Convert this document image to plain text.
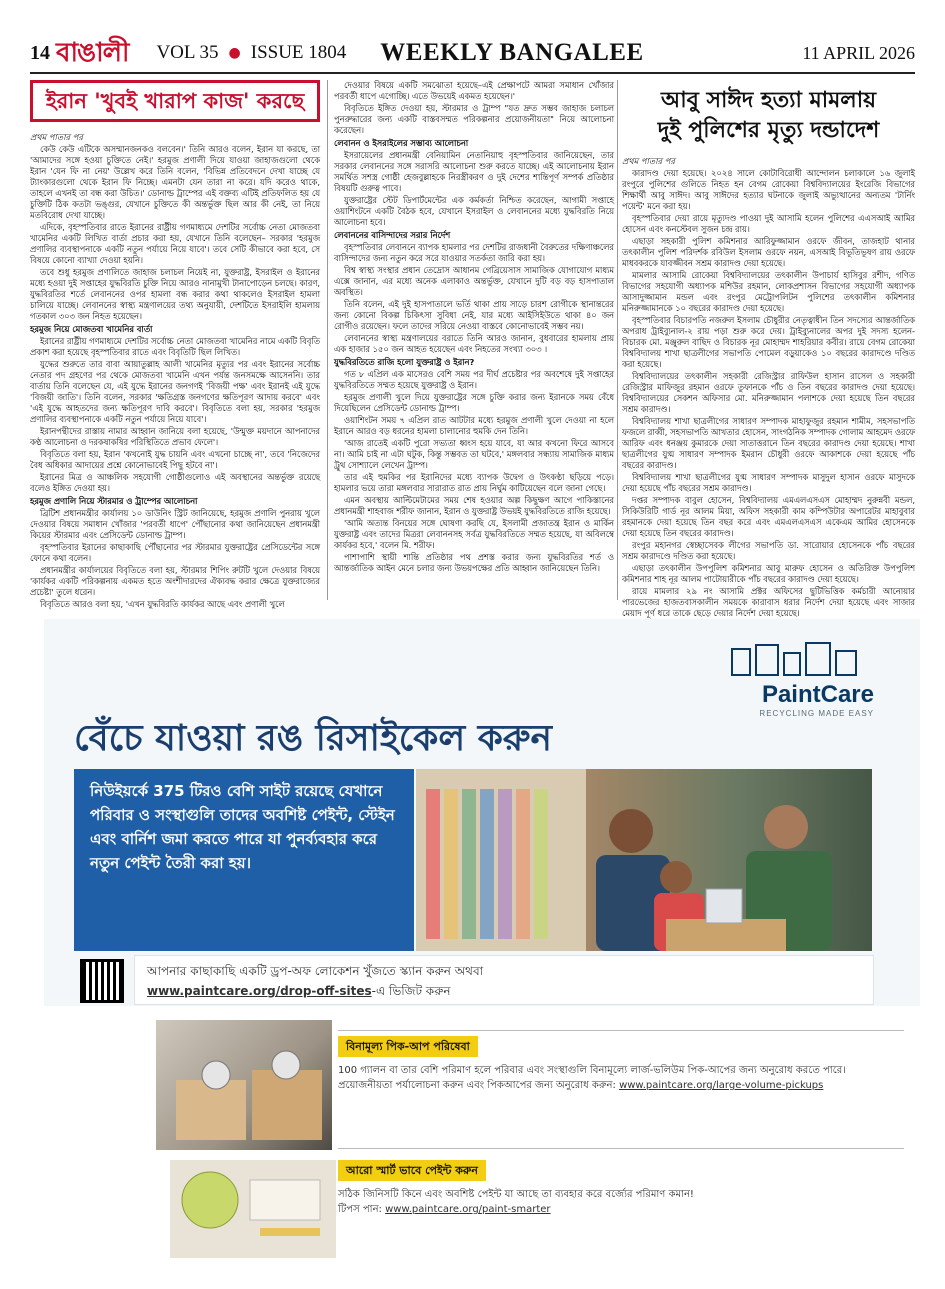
14 বাঙালী VOL 35 ● ISSUE 1804 WEEKLY BANGALEE	11 APRIL 2026
ইরান 'খুবই খারাপ কাজ' করছে

প্রথম পাতার পর

কেউ কেউ এটিকে অসম্মানজনকও বলবেন।' তিনি আরও বলেন, ইরান যা করছে, তা 'আমাদের সঙ্গে হওয়া চুক্তিতে নেই।' হরমুজ প্রণালী দিয়ে যাওয়া জাহাজগুলো থেকে ইরান 'যেন ফি না নেয়' উল্লেখ করে তিনি বলেন, 'বিভিন্ন প্রতিবেদনে দেখা যাচ্ছে যে ট্যাংকারগুলো থেকে ইরান ফি নিচ্ছে। এমনটা যেন তারা না করে। যদি করেও থাকে, তাহলে এখনই তা বন্ধ করা উচিত।' ডোনাল্ড ট্রাম্পের এই বক্তব্য এটিই প্রতিফলিত হয় যে চুক্তিটি ঠিক কতটা ভঙ্গুর, যেখানে চুক্তিতে কী অন্তর্ভুক্ত ছিল আর কী নেই, তা নিয়ে মতবিরোধ দেখা যাচ্ছে।

এদিকে, বৃহস্পতিবার রাতে ইরানের রাষ্ট্রীয় গণমাধ্যমে দেশটির সর্বোচ্চ নেতা মোজতবা খামেনির একটি লিখিত বার্তা প্রচার করা হয়, যেখানে তিনি বলেছেন– সরকার 'হরমুজ প্রণালির ব্যবস্থাপনাকে একটি নতুন পর্যায়ে নিয়ে যাবে'। তবে সেটি কীভাবে করা হবে, সে বিষয়ে কোনো ব্যাখ্যা দেওয়া হয়নি।

তবে শুধু হরমুজ প্রণালিতে জাহাজ চলাচল নিয়েই না, যুক্তরাষ্ট্র, ইসরাইল ও ইরানের মধ্যে হওয়া দুই সপ্তাহের যুদ্ধবিরতি চুক্তি নিয়ে আরও নানামুখী টানাপোড়েন চলছে। কারণ, যুদ্ধবিরতির শর্তে লেবাননের ওপর হামলা বন্ধ করার কথা থাকলেও ইসরাইল হামলা চালিয়ে যাচ্ছে। লেবাননের স্বাস্থ্য মন্ত্রণালয়ের তথ্য অনুযায়ী, দেশটিতে ইসরাইলি হামলায় গতকাল ৩০৩ জন নিহত হয়েছেন।

হরমুজ নিয়ে মোজতবা খামেনির বার্তা

ইরানের রাষ্ট্রীয় গণমাধ্যমে দেশটির সর্বোচ্চ নেতা মোজতবা খামেনির নামে একটি বিবৃতি প্রকাশ করা হয়েছে বৃহস্পতিবার রাতে এবং বিবৃতিটি ছিল লিখিত।

যুদ্ধের শুরুতে তার বাবা আয়াতুল্লাহ আলী খামেনির মৃত্যুর পর এবং ইরানের সর্বোচ্চ নেতার পদ গ্রহণের পর থেকে মোজতবা খামেনি এখন পর্যন্ত জনসমক্ষে আসেননি। তার বার্তায় তিনি বলেছেন যে, এই যুদ্ধে ইরানের জনগণই 'বিজয়ী পক্ষ' এবং ইরানই এই যুদ্ধে 'বিজয়ী জাতি'। তিনি বলেন, সরকার 'ক্ষতিগ্রস্ত জনগণের ক্ষতিপূরণ আদায় করবে' এবং 'এই যুদ্ধে আহতদের জন্য ক্ষতিপূরণ দাবি করবে'। বিবৃতিতে বলা হয়, সরকার 'হরমুজ প্রণালির ব্যবস্থাপনাকে একটি নতুন পর্যায়ে নিয়ে যাবে'।

ইরানপন্থীদের রাস্তায় নামার আহ্বান জানিয়ে বলা হয়েছে, 'উন্মুক্ত ময়দানে আপনাদের কণ্ঠ আলোচনা ও দরকষাকষির পরিস্থিতিতে প্রভাব ফেলে'।

বিবৃতিতে বলা হয়, ইরান 'কখনোই যুদ্ধ চায়নি এবং এখনো চাচ্ছে না', তবে 'নিজেদের বৈধ অধিকার আদায়ের প্রশ্নে কোনোভাবেই পিছু হটবে না'।

ইরানের মিত্র ও আঞ্চলিক সহযোগী গোষ্ঠীগুলোও এই অবস্থানের অন্তর্ভুক্ত রয়েছে বলেও ইঙ্গিত দেওয়া হয়।

হরমুজ প্রণালি নিয়ে স্টারমার ও ট্রাম্পের আলোচনা

ব্রিটিশ প্রধানমন্ত্রীর কার্যালয় ১০ ডাউনিং স্ট্রিট জানিয়েছে, হরমুজ প্রণালি পুনরায় খুলে দেওয়ার বিষয়ে সমাধান খোঁজার 'পরবর্তী ধাপে' পৌঁছানোর কথা জানিয়েছেন প্রধানমন্ত্রী কিয়ের স্টারমার এবং প্রেসিডেন্ট ডোনাল্ড ট্রাম্প।

বৃহস্পতিবার ইরানের কাছাকাছি পৌঁছানোর পর স্টারমার যুক্তরাষ্ট্রের প্রেসিডেন্টের সঙ্গে ফোনে কথা বলেন।

প্রধানমন্ত্রীর কার্যালয়ের বিবৃতিতে বলা হয়, স্টারমার শিপিং রুটটি খুলে দেওয়ার বিষয়ে 'কার্যকর একটি পরিকল্পনায় একমত হতে অংশীদারদের ঐক্যবদ্ধ করার ক্ষেত্রে যুক্তরাজ্যের প্রচেষ্টা' তুলে ধরেন।

বিবৃতিতে আরও বলা হয়, 'এখন যুদ্ধবিরতি কার্যকর আছে এবং প্রণালী খুলে

দেওয়ার বিষয়ে একটি সমঝোতা হয়েছে–এই প্রেক্ষাপটে আমরা সমাধান খোঁজার পরবর্তী ধাপে এগোচ্ছি। এতে উভয়েই একমত হয়েছেন।'

বিবৃতিতে ইঙ্গিত দেওয়া হয়, স্টারমার ও ট্রাম্প "যত দ্রুত সম্ভব জাহাজ চলাচল পুনরুদ্ধারের জন্য একটি বাস্তবসম্মত পরিকল্পনার প্রয়োজনীয়তা" নিয়ে আলোচনা করেছেন।

লেবানন ও ইসরাইলের সম্ভাব্য আলোচনা

ইসরায়েলের প্রধানমন্ত্রী বেনিয়ামিন নেতানিয়াহু বৃহস্পতিবার জানিয়েছেন, তার সরকার লেবাননের সঙ্গে সরাসরি আলোচনা শুরু করতে যাচ্ছে। এই আলোচনায় ইরান সমর্থিত সশস্ত্র গোষ্ঠী হেজবুল্লাহকে নিরস্ত্রীকরণ ও দুই দেশের শান্তিপূর্ণ সম্পর্ক প্রতিষ্ঠার বিষয়টি গুরুত্ব পাবে।

যুক্তরাষ্ট্রের স্টেট ডিপার্টমেন্টের এক কর্মকর্তা নিশ্চিত করেছেন, আগামী সপ্তাহে ওয়াশিংটনে একটি বৈঠক হবে, যেখানে ইসরাইল ও লেবাননের মধ্যে যুদ্ধবিরতি নিয়ে আলোচনা হবে।

লেবাননের বাসিন্দাদের সরার নির্দেশ

বৃহস্পতিবার লেবাননে ব্যাপক হামলার পর দেশটির রাজধানী বৈরুতের দক্ষিণাঞ্চলের বাসিন্দাদের জন্য নতুন করে সরে যাওয়ার সতর্কতা জারি করা হয়।

বিশ্ব স্বাস্থ্য সংস্থার প্রধান তেদ্রোস আধানম গেব্রিয়েসাস সামাজিক যোগাযোগ মাধ্যম এক্সে জানান, এর মধ্যে অনেক এলাকাও অন্তর্ভুক্ত, যেখানে দুটি বড় বড় হাসপাতাল অবস্থিত।

তিনি বলেন, এই দুই হাসপাতালে ভর্তি থাকা প্রায় সাড়ে চারশ রোগীকে স্থানান্তরের জন্য কোনো বিকল্প চিকিৎসা সুবিধা নেই, যার মধ্যে আইসিইউতে থাকা ৪০ জন রোগীও রয়েছেন। ফলে তাদের সরিয়ে নেওয়া বাস্তবে কোনোভাবেই সম্ভব নয়।

লেবাননের স্বাস্থ্য মন্ত্রণালয়ের বরাতে তিনি আরও জানান, বুধবারের হামলায় প্রায় এক হাজার ১৫০ জন আহত হয়েছেন এবং নিহতের সংখ্যা ৩০৩ ।

যুদ্ধবিরতিতে রাজি হলো যুক্তরাষ্ট্র ও ইরান?

গত ৮ এপ্রিল এক মাসেরও বেশি সময় পর দীর্ঘ প্রচেষ্টার পর অবশেষে দুই সপ্তাহের যুদ্ধবিরতিতে সম্মত হয়েছে যুক্তরাষ্ট্র ও ইরান।

হরমুজ প্রণালী খুলে দিয়ে যুক্তরাষ্ট্রের সঙ্গে চুক্তি করার জন্য ইরানকে সময় বেঁধে দিয়েছিলেন প্রেসিডেন্ট ডোনাল্ড ট্রাম্প।

ওয়াশিংটন সময় ৭ এপ্রিল রাত আটটার মধ্যে হরমুজ প্রণালী খুলে দেওয়া না হলে ইরানে আরও বড় ধরনের হামলা চালানোর হুমকি দেন তিনি।

'আজ রাতেই একটি পুরো সভ্যতা ধ্বংস হয়ে যাবে, যা আর কখনো ফিরে আসবে না। আমি চাই না এটা ঘটুক, কিন্তু সম্ভবত তা ঘটবে,' মঙ্গলবার সন্ধ্যায় সামাজিক মাধ্যম ট্রুথ সোশ্যালে লেখেন ট্রাম্প।

তার এই হুমকির পর ইরানিদের মধ্যে ব্যাপক উদ্বেগ ও উৎকণ্ঠা ছড়িয়ে পড়ে। হামলার ভয়ে তারা মঙ্গলবার সারারাত রাত প্রায় নির্ঘুম কাটিয়েছেন বলে জানা গেছে।

এমন অবস্থায় আল্টিমেটামের সময় শেষ হওয়ার অল্প কিছুক্ষণ আগে পাকিস্তানের প্রধানমন্ত্রী শাহবাজ শরীফ জানান, ইরান ও যুক্তরাষ্ট্র উভয়ই যুদ্ধবিরতিতে রাজি হয়েছে।

'আমি অত্যন্ত বিনয়ের সঙ্গে ঘোষণা করছি যে, ইসলামী প্রজাতন্ত্র ইরান ও মার্কিন যুক্তরাষ্ট্র এবং তাদের মিত্ররা লেবাননসহ সর্বত্র যুদ্ধবিরতিতে সম্মত হয়েছে, যা অবিলম্বে কার্যকর হবে,' বলেন মি. শরীফ।

পাশাপাশি স্থায়ী শান্তি প্রতিষ্ঠার পথ প্রশস্ত করার জন্য যুদ্ধবিরতির শর্ত ও আন্তর্জাতিক আইন মেনে চলার জন্য উভয়পক্ষের প্রতি আহ্বান জানিয়েছেন তিনি।

আবু সাঈদ হত্যা মামলায়
দুই পুলিশের মৃত্যু দন্ডাদেশ

প্রথম পাতার পর

কারাদণ্ড দেয়া হয়েছে। ২০২৪ সালে কোটাবিরোধী আন্দোলন চলাকালে ১৬ জুলাই রংপুরে পুলিশের গুলিতে নিহত হন বেগম রোকেয়া বিশ্ববিদ্যালয়ের ইংরেজি বিভাগের শিক্ষার্থী আবু সাঈদ। আবু সাঈদের হত্যার ঘটনাকে জুলাই অভ্যুত্থানের অন্যতম 'টার্নিং পয়েন্ট' মনে করা হয়।

বৃহস্পতিবার দেয়া রায়ে মৃত্যুদণ্ড পাওয়া দুই আসামি হলেন পুলিশের এএসআই আমির হোসেন এবং কনস্টেবল সুজন চন্দ্র রায়।

এছাড়া সহকারী পুলিশ কমিশনার আরিফুজ্জামান ওরফে জীবন, তাজহাট থানার তৎকালীন পুলিশ পরিদর্শক রবিউল ইসলাম ওরফে নয়ন, এসআই বিভূতিভূষণ রায় ওরফে মাধবকরকে যাবজ্জীবন সশ্রম কারাদণ্ড দেয়া হয়েছে।

মামলার আসামি রোকেয়া বিশ্ববিদ্যালয়ের তৎকালীন উপাচার্য হাসিবুর রশীদ, গণিত বিভাগের সহযোগী অধ্যাপক মশিউর রহমান, লোকপ্রশাসন বিভাগের সহযোগী অধ্যাপক আসাদুজ্জামান মন্ডল এবং রংপুর মেট্রোপলিটন পুলিশের তৎকালীন কমিশনার মনিরুজ্জামানকে ১০ বছরের কারাদণ্ড দেয়া হয়েছে।

বৃহস্পতিবার বিচারপতি নজরুল ইসলাম চৌধুরীর নেতৃত্বাধীন তিন সদস্যের আন্তর্জাতিক অপরাধ ট্রাইব্যুনাল-২ রায় পড়া শুরু করে দেয়। ট্রাইব্যুনালের অপর দুই সদস্য হলেন- বিচারক মো. মঞ্জুরুল বাছিদ ও বিচারক নূর মোহাম্মদ শাহরিয়ার কবীর। রায়ে বেগম রোকেয়া বিশ্ববিদ্যালয় শাখা ছাত্রলীগের সভাপতি পোমেল বড়ুয়াকেও ১০ বছরের কারাদণ্ডে দণ্ডিত করা হয়েছে।

বিশ্ববিদ্যালয়ের তৎকালীন সহকারী রেজিস্ট্রার রাফিউল হাসান রাসেল ও সহকারী রেজিস্ট্রার মাফিজুর রহমান ওরফে তুফানকে পাঁচ ও তিন বছরের কারাদণ্ড দেয়া হয়েছে। বিশ্ববিদ্যালয়ের সেকশন অফিসার মো. মনিরুজ্জামান পলাশকে দেয়া হয়েছে তিন বছরের সশ্রম কারাদণ্ড।

বিশ্ববিদ্যালয় শাখা ছাত্রলীগের সাধারণ সম্পাদক মাহাফুজুর রহমান শামীম, সহসভাপতি ফজলে রাব্বী, সহসভাপতি আখতার হোসেন, সাংগঠনিক সম্পাদক গোলাম আহমেদ ওরফে আরিফ এবং ধনঞ্জয় কুমারকে দেয়া সাতাত্তরানে তিন বছরের কারাদণ্ড দেয়া হয়েছে। শাখা ছাত্রলীগের যুগ্ম সাধারণ সম্পাদক ইমরান চৌধুরী ওরফে আকাশকে দেয়া হয়েছে পাঁচ বছরের কারাদণ্ড।

বিশ্ববিদ্যালয় শাখা ছাত্রলীগের যুগ্ম সাধারণ সম্পাদক মাসুদুল হাসান ওরফে মাসুদকে দেয়া হয়েছে পাঁচ বছরের সশ্রম কারাদণ্ড।

দপ্তর সম্পাদক বাবুল হোসেন, বিশ্ববিদ্যালয় এমএলএসএস মোহাম্মদ নুরুন্নবী মন্ডল, সিকিউরিটি গার্ড নূর আলম মিয়া, অফিস সহকারী কাম কম্পিউটার অপারেটর মাহাবুবার রহমানকে দেয়া হয়েছে তিন বছর করে এবং এমএলএসএস একেএম আমির হোসেনকে দেয়া হয়েছে তিন বছরের কারাদণ্ড।

রংপুর মহানগর স্বেচ্ছাসেবক লীগের সভাপতি ডা. সারোয়ার হোসেনকে পাঁচ বছরের সশ্রম কারাদণ্ডে দণ্ডিত করা হয়েছে।

এছাড়া তৎকালীন উপপুলিশ কমিশনার আবু মারুফ হোসেন ও অতিরিক্ত উপপুলিশ কমিশনার শাহ নূর আলম পাটোয়ারীকে পাঁচ বছরের কারাদণ্ড দেয়া হয়েছে।

রায়ে মামলার ২৯ নং আসামি প্রক্টর অফিসের ছুটিভিত্তিক কর্মচারী আনোয়ার পারভেজের হাজতবাসকালীন সময়কে কারাবাস ধরার নির্দেশ দেয়া হয়েছে এবং সাজার মেয়াদ পূর্ণ ধরে তাকে ছেড়ে দেয়ার নির্দেশ দেয়া হয়েছে।

PaintCare
RECYCLING MADE EASY
বেঁচে যাওয়া রঙ রিসাইকেল করুন
নিউইয়র্কে 375 টিরও বেশি সাইট রয়েছে যেখানে পরিবার ও সংস্থাগুলি তাদের অবশিষ্ট পেইন্ট, স্টেইন এবং বার্নিশ জমা করতে পারে যা পুনর্ব্যবহার করে নতুন পেইন্ট তৈরী করা হয়।
আপনার কাছাকাছি একটি ড্রপ-অফ লোকেশন খুঁজতে স্ক্যান করুন অথবা
www.paintcare.org/drop-off-sites-এ ভিজিট করুন
বিনামূল্য পিক-আপ পরিষেবা
100 গ্যালন বা তার বেশি পরিমাণ হলে পরিবার এবং সংস্থাগুলি বিনামূল্যে লার্জ-ভলিউম পিক-আপের জন্য অনুরোধ করতে পারে।
প্রয়োজনীয়তা পর্যালোচনা করুন এবং পিকআপের জন্য অনুরোধ করুন: www.paintcare.org/large-volume-pickups
আরো স্মার্ট ভাবে পেইন্ট করুন
সঠিক জিনিসটি কিনে এবং অবশিষ্ট পেইন্ট যা আছে তা ব্যবহার করে বর্জ্যের পরিমাণ কমান!
টিপস পান: www.paintcare.org/paint-smarter
